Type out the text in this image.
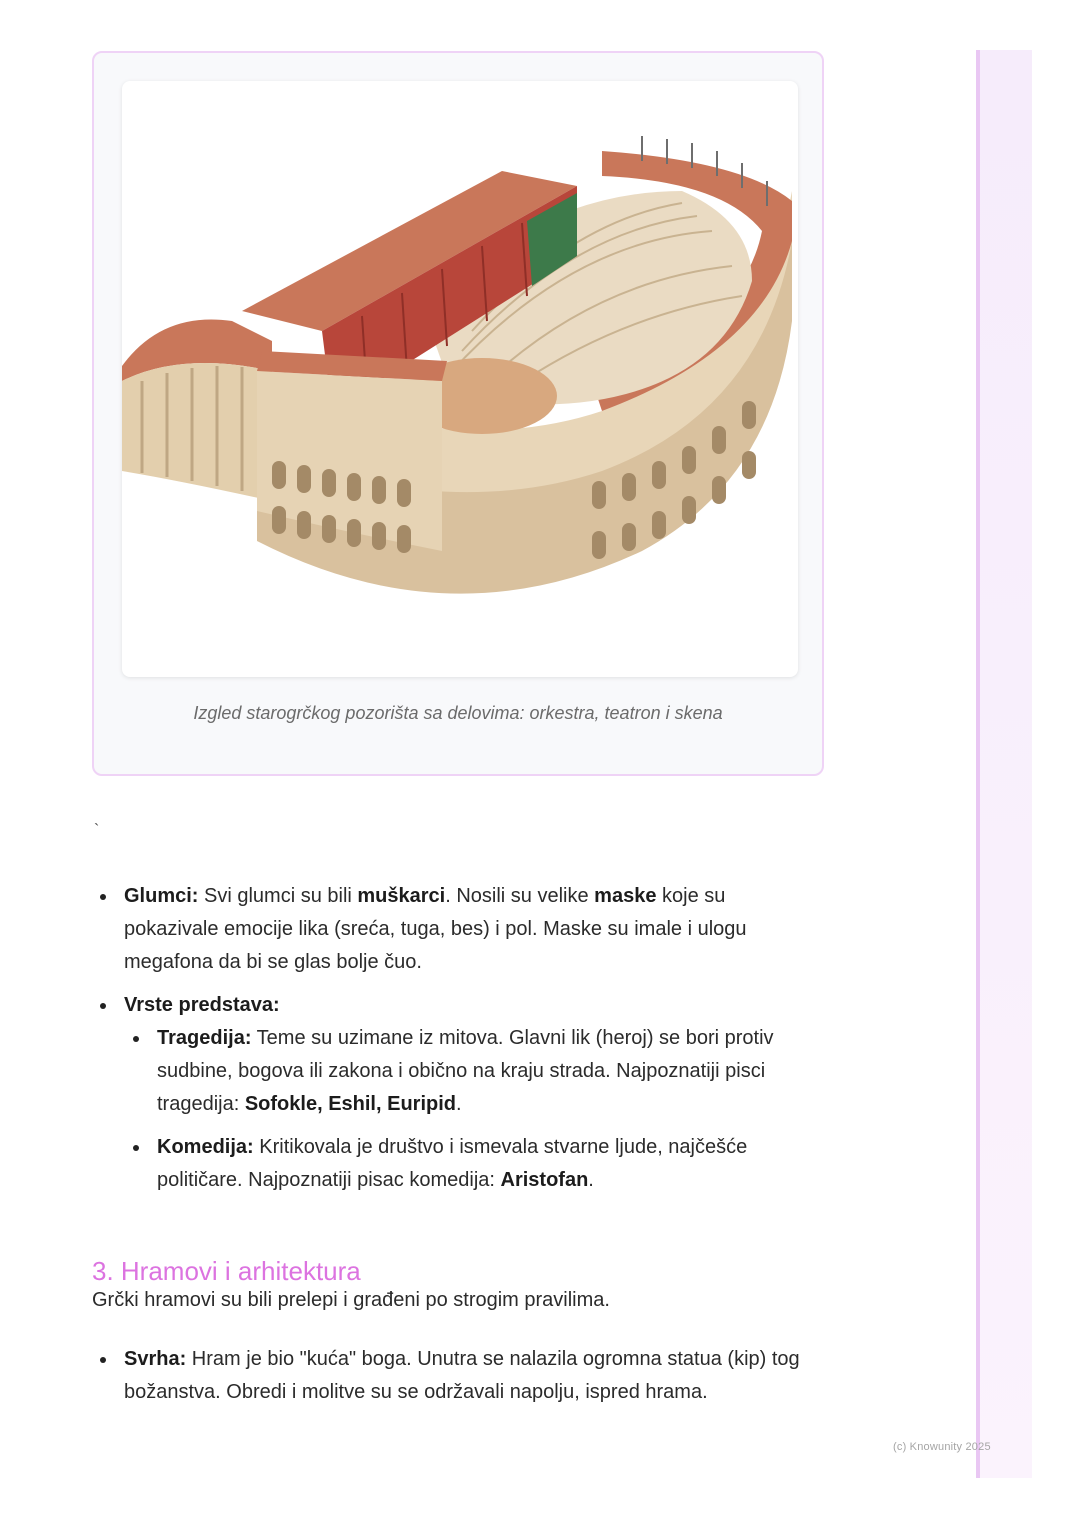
Izgled starogrčkog pozorišta sa delovima: orkestra, teatron i skena
`
Glumci: Svi glumci su bili muškarci. Nosili su velike maske koje su pokazivale emocije lika (sreća, tuga, bes) i pol. Maske su imale i ulogu megafona da bi se glas bolje čuo.
Vrste predstava:
Tragedija: Teme su uzimane iz mitova. Glavni lik (heroj) se bori protiv sudbine, bogova ili zakona i obično na kraju strada. Najpoznatiji pisci tragedija: Sofokle, Eshil, Euripid.
Komedija: Kritikovala je društvo i ismevala stvarne ljude, najčešće političare. Najpoznatiji pisac komedija: Aristofan.
3. Hramovi i arhitektura
Grčki hramovi su bili prelepi i građeni po strogim pravilima.
Svrha: Hram je bio "kuća" boga. Unutra se nalazila ogromna statua (kip) tog božanstva. Obredi i molitve su se održavali napolju, ispred hrama.
(c) Knowunity 2025
